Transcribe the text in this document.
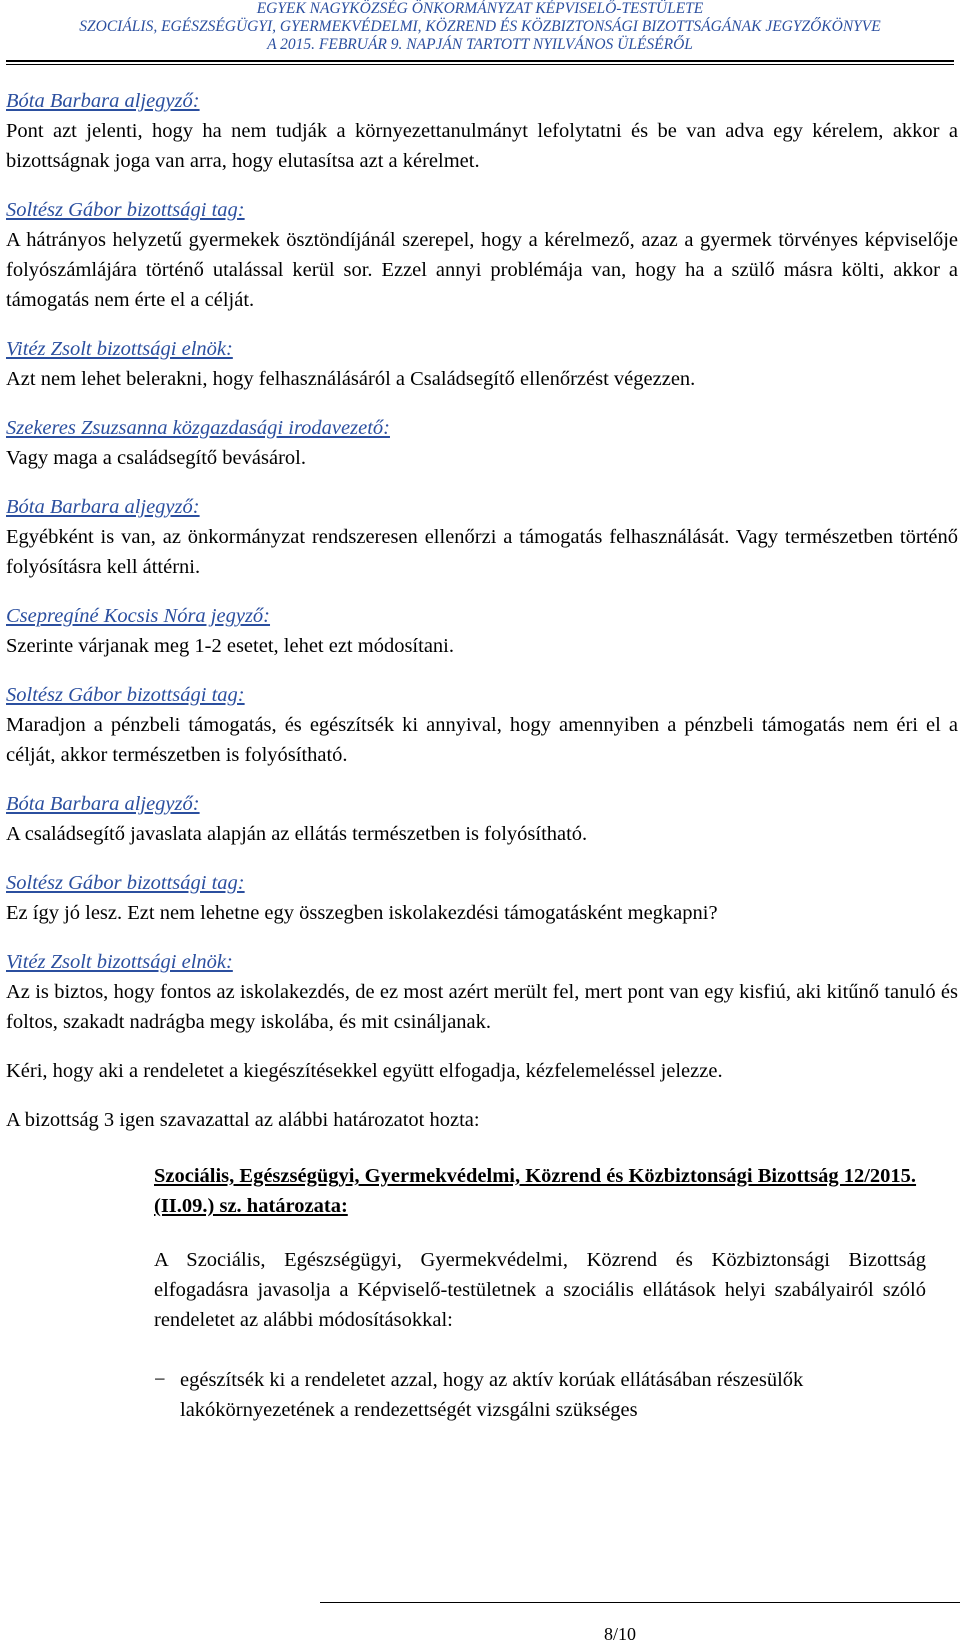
EGYEK NAGYKÖZSÉG ÖNKORMÁNYZAT KÉPVISELŐ-TESTÜLETE
SZOCIÁLIS, EGÉSZSÉGÜGYI, GYERMEKVÉDELMI, KÖZREND ÉS KÖZBIZTONSÁGI BIZOTTSÁGÁNAK JEGYZŐKÖNYVE
A 2015. FEBRUÁR 9. NAPJÁN TARTOTT NYILVÁNOS ÜLÉSÉRŐL
Bóta Barbara aljegyző:
Pont azt jelenti, hogy ha nem tudják a környezettanulmányt lefolytatni és be van adva egy kérelem, akkor a bizottságnak joga van arra, hogy elutasítsa azt a kérelmet.
Soltész Gábor bizottsági tag:
A hátrányos helyzetű gyermekek ösztöndíjánál szerepel, hogy a kérelmező, azaz a gyermek törvényes képviselője folyószámlájára történő utalással kerül sor. Ezzel annyi problémája van, hogy ha a szülő másra költi, akkor a támogatás nem érte el a célját.
Vitéz Zsolt bizottsági elnök:
Azt nem lehet belerakni, hogy felhasználásáról a Családsegítő ellenőrzést végezzen.
Szekeres Zsuzsanna közgazdasági irodavezető:
Vagy maga a családsegítő bevásárol.
Bóta Barbara aljegyző:
Egyébként is van, az önkormányzat rendszeresen ellenőrzi a támogatás felhasználását. Vagy természetben történő folyósításra kell áttérni.
Csepregíné Kocsis Nóra jegyző:
Szerinte várjanak meg 1-2 esetet, lehet ezt módosítani.
Soltész Gábor bizottsági tag:
Maradjon a pénzbeli támogatás, és egészítsék ki annyival, hogy amennyiben a pénzbeli támogatás nem éri el a célját, akkor természetben is folyósítható.
Bóta Barbara aljegyző:
A családsegítő javaslata alapján az ellátás természetben is folyósítható.
Soltész Gábor bizottsági tag:
Ez így jó lesz. Ezt nem lehetne egy összegben iskolakezdési támogatásként megkapni?
Vitéz Zsolt bizottsági elnök:
Az is biztos, hogy fontos az iskolakezdés, de ez most azért merült fel, mert pont van egy kisfiú, aki kitűnő tanuló és foltos, szakadt nadrágba megy iskolába, és mit csináljanak.

Kéri, hogy aki a rendeletet a kiegészítésekkel együtt elfogadja, kézfelemeléssel jelezze.

A bizottság 3 igen szavazattal az alábbi határozatot hozta:

Szociális, Egészségügyi, Gyermekvédelmi, Közrend és Közbiztonsági Bizottság 12/2015.(II.09.) sz. határozata:
A Szociális, Egészségügyi, Gyermekvédelmi, Közrend és Közbiztonsági Bizottság elfogadásra javasolja a Képviselő-testületnek a szociális ellátások helyi szabályairól szóló rendeletet az alábbi módosításokkal:
− egészítsék ki a rendeletet azzal, hogy az aktív korúak ellátásában részesülők lakókörnyezetének a rendezettségét vizsgálni szükséges
8/10
